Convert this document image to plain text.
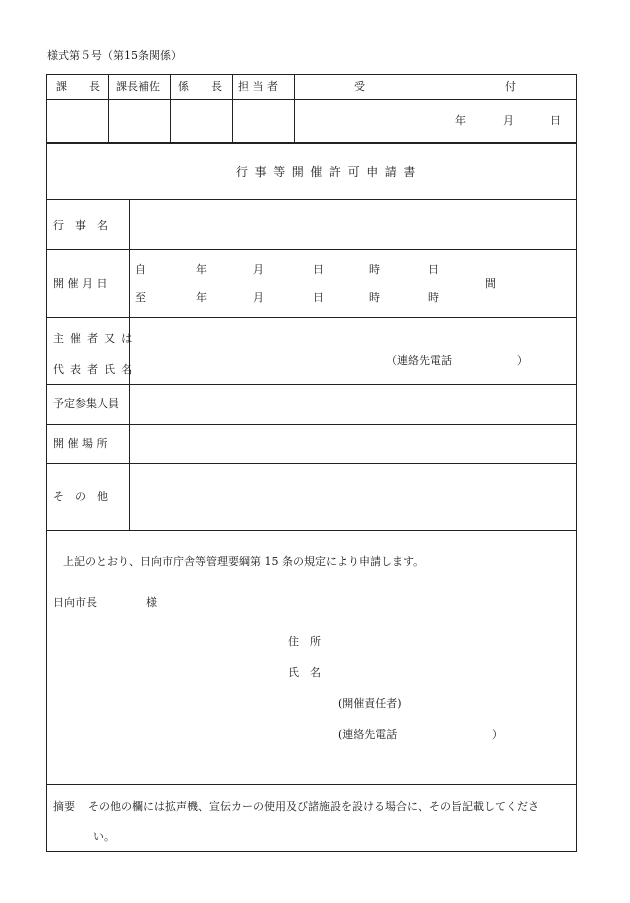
様式第５号（第15条関係）
課　　長 課長補佐 係　　長 担 当 者	受	付
年	月	日
行事等開催許可申請書
行　事　名
開 催 月 日
自	年	月	日	時	日
至	年	月	日	時	時
間
主催者又は
代表者氏名
（連絡先電話	）
予定参集人員
開 催 場 所
そ　の　他
上記のとおり、日向市庁舎等管理要綱第 15 条の規定により申請します。
日向市長	様
住　所
氏　名
(開催責任者)
(連絡先電話	）
摘要 その他の欄には拡声機、宣伝カーの使用及び諸施設を設ける場合に、その旨記載してくださ
い。
